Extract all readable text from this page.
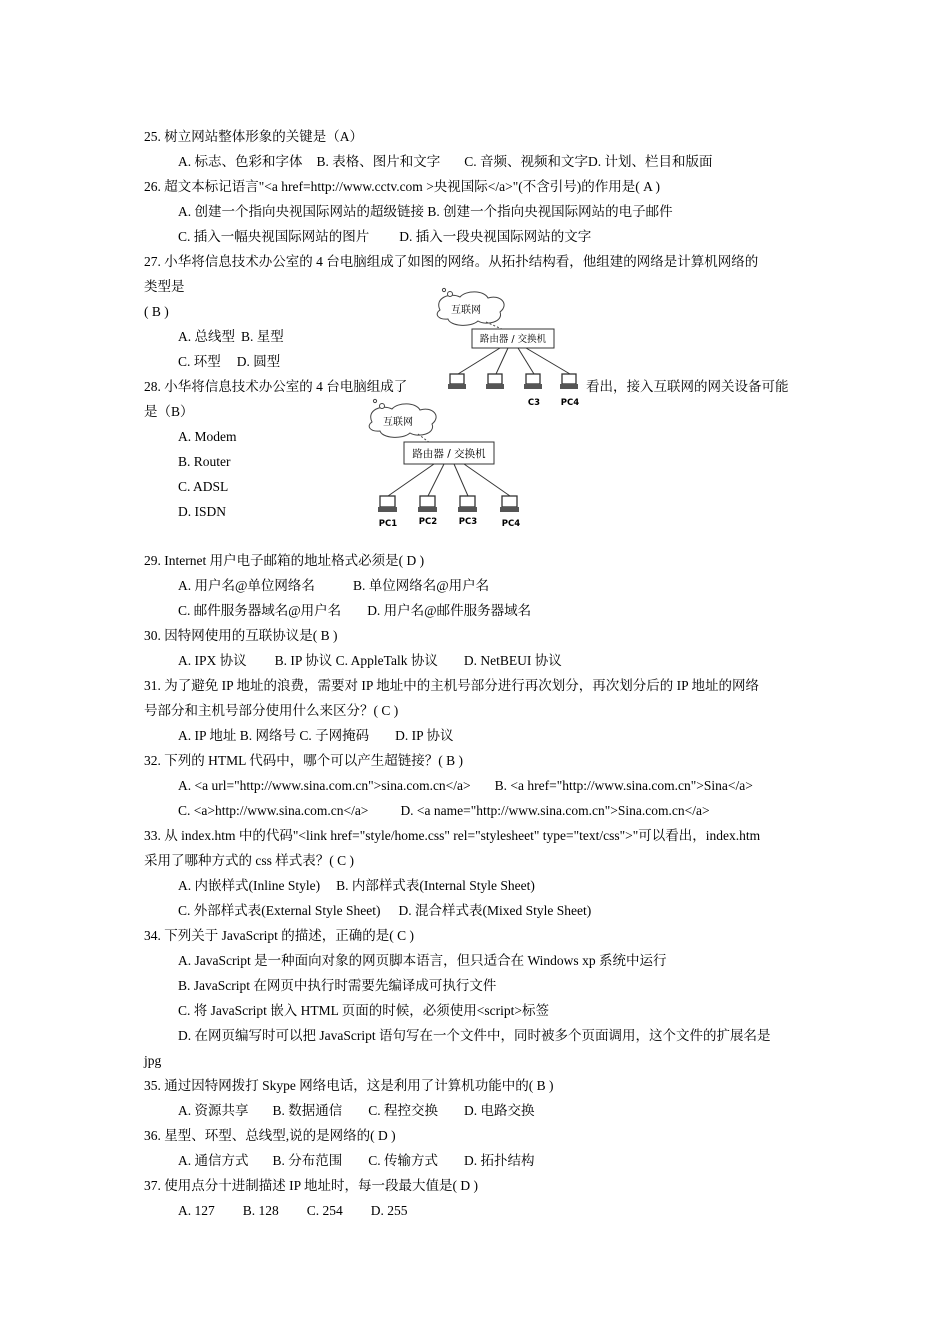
25. 树立网站整体形象的关键是（A）
A. 标志、色彩和字体 B. 表格、图片和文字 C. 音频、视频和文字D. 计划、栏目和版面
26. 超文本标记语言"<a href=http://www.cctv.com >央视国际</a>"(不含引号)的作用是( A )
A. 创建一个指向央视国际网站的超级链接 B. 创建一个指向央视国际网站的电子邮件
C. 插入一幅央视国际网站的图片 D. 插入一段央视国际网站的文字
27. 小华将信息技术办公室的 4 台电脑组成了如图的网络。从拓扑结构看，他组建的网络是计算机网络的
类型是
( B )
A. 总线型 B. 星型
C. 环型 D. 圆型
28. 小华将信息技术办公室的 4 台电脑组成了	看出，接入互联网的网关设备可能
是（B）
A. Modem
B. Router
C. ADSL
D. ISDN
互联网
路由器 / 交换机
C3 PC4
互联网
路由器 / 交换机
PC1	PC2	PC3	PC4
29. Internet 用户电子邮箱的地址格式必须是( D )
A. 用户名@单位网络名	B. 单位网络名@用户名
C. 邮件服务器域名@用户名 D. 用户名@邮件服务器域名
30. 因特网使用的互联协议是( B )
A. IPX 协议 B. IP 协议 C. AppleTalk 协议 D. NetBEUI 协议
31. 为了避免 IP 地址的浪费，需要对 IP 地址中的主机号部分进行再次划分，再次划分后的 IP 地址的网络
号部分和主机号部分使用什么来区分？( C )
A. IP 地址 B. 网络号 C. 子网掩码 D. IP 协议
32. 下列的 HTML 代码中，哪个可以产生超链接？( B )
A. <a url="http://www.sina.com.cn">sina.com.cn</a> B. <a href="http://www.sina.com.cn">Sina</a>
C. <a>http://www.sina.com.cn</a> D. <a name="http://www.sina.com.cn">Sina.com.cn</a>
33. 从 index.htm 中的代码"<link href="style/home.css" rel="stylesheet" type="text/css">"可以看出，index.htm
采用了哪种方式的 css 样式表？( C )
A. 内嵌样式(Inline Style) B. 内部样式表(Internal Style Sheet)
C. 外部样式表(External Style Sheet) D. 混合样式表(Mixed Style Sheet)
34. 下列关于 JavaScript 的描述，正确的是( C )
A. JavaScript 是一种面向对象的网页脚本语言，但只适合在 Windows xp 系统中运行
B. JavaScript 在网页中执行时需要先编译成可执行文件
C. 将 JavaScript 嵌入 HTML 页面的时候，必须使用<script>标签
D. 在网页编写时可以把 JavaScript 语句写在一个文件中，同时被多个页面调用，这个文件的扩展名是
jpg
35. 通过因特网拨打 Skype 网络电话，这是利用了计算机功能中的( B )
A. 资源共享 B. 数据通信 C. 程控交换 D. 电路交换
36. 星型、环型、总线型,说的是网络的( D )
A. 通信方式 B. 分布范围 C. 传输方式 D. 拓扑结构
37. 使用点分十进制描述 IP 地址时，每一段最大值是( D )
A. 127 B. 128 C. 254 D. 255
